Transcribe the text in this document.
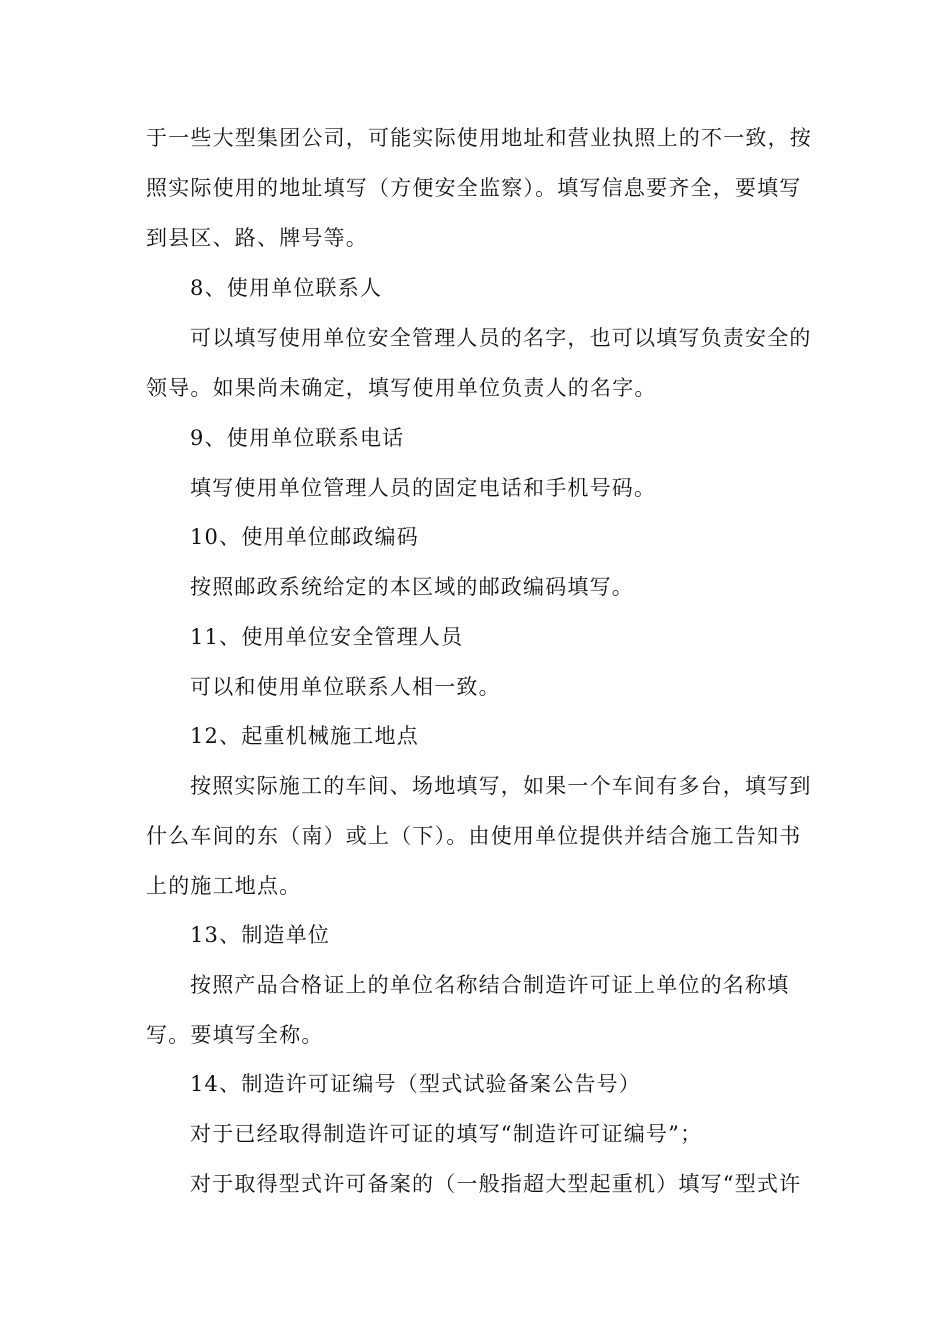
于一些大型集团公司，可能实际使用地址和营业执照上的不一致，按
照实际使用的地址填写（方便安全监察）。填写信息要齐全，要填写
到县区、路、牌号等。
8、使用单位联系人
可以填写使用单位安全管理人员的名字，也可以填写负责安全的
领导。如果尚未确定，填写使用单位负责人的名字。
9、使用单位联系电话
填写使用单位管理人员的固定电话和手机号码。
10、使用单位邮政编码
按照邮政系统给定的本区域的邮政编码填写。
11、使用单位安全管理人员
可以和使用单位联系人相一致。
12、起重机械施工地点
按照实际施工的车间、场地填写，如果一个车间有多台，填写到
什么车间的东（南）或上（下）。由使用单位提供并结合施工告知书
上的施工地点。
13、制造单位
按照产品合格证上的单位名称结合制造许可证上单位的名称填
写。要填写全称。
14、制造许可证编号（型式试验备案公告号）
对于已经取得制造许可证的填写“制造许可证编号”；
对于取得型式许可备案的（一般指超大型起重机）填写“型式许
